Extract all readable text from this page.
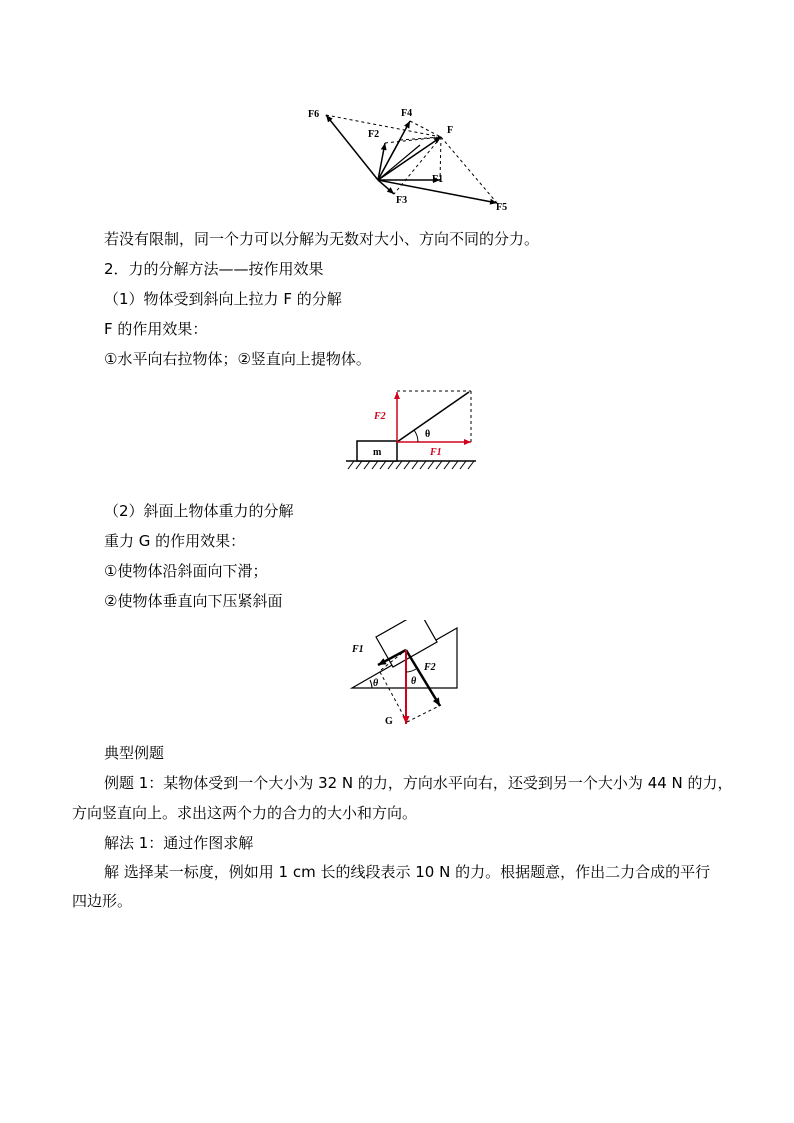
F6	F4
F2	F
F1
F3
F5
若没有限制，同一个力可以分解为无数对大小、方向不同的分力。
2．力的分解方法——按作用效果
（1）物体受到斜向上拉力 F 的分解
F 的作用效果：
①水平向右拉物体；②竖直向上提物体。
m
θ
F2
F1
（2）斜面上物体重力的分解
重力 G 的作用效果：
①使物体沿斜面向下滑；
②使物体垂直向下压紧斜面
F1
F2
θ
θ
G
典型例题
例题 1：某物体受到一个大小为 32 N 的力，方向水平向右，还受到另一个大小为 44 N 的力，
方向竖直向上。求出这两个力的合力的大小和方向。
解法 1：通过作图求解
解 选择某一标度，例如用 1 cm 长的线段表示 10 N 的力。根据题意，作出二力合成的平行
四边形。
